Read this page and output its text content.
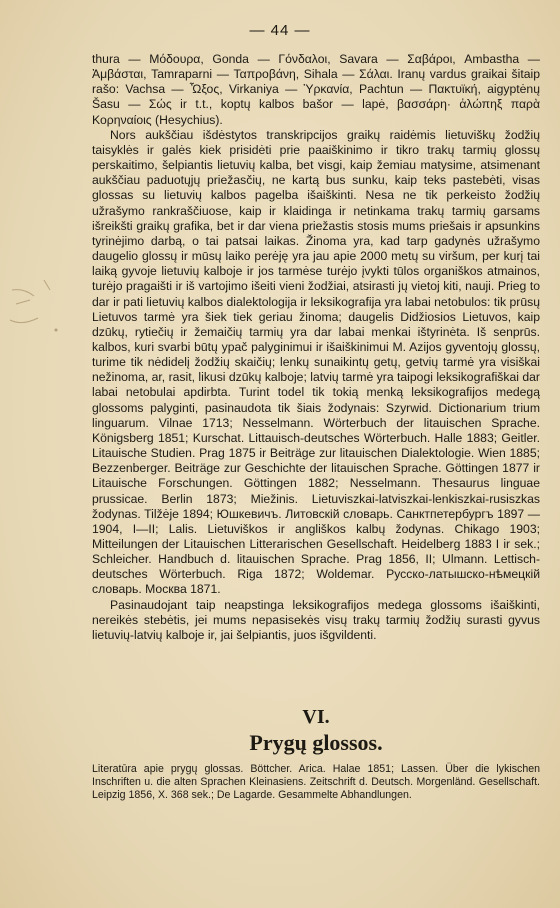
— 44 —

thura — Μόδουρα, Gonda — Γόνδαλοι, Savara — Σαβάροι, Ambastha — Ἀμβάσται, Tamraparni — Ταπροβάνη, Sihala — Σάλαι. Iranų vardus graikai šitaip rašo: Vachsa — Ὦξος, Virkaniya — Ὑρκανία, Pachtun — Πακτυϊκή, aigyptėnų Šasu — Σώς ir t.t., koptų kalbos bašor — lapė, βασσάρη· ἀλώπηξ παρὰ Κορηναίοις (Hesychius).

Nors aukščiau išdėstytos transkripcijos graikų raidėmis lietuviškų žodžių taisyklės ir galės kiek prisidėti prie paaiškinimo ir tikro trakų tarmių glossų perskaitimo, šelpiantis lietuvių kalba, bet visgi, kaip žemiau matysime, atsimenant aukščiau paduotųjų priežasčių, ne kartą bus sunku, kaip teks pastebėti, visas glossas su lietuvių kalbos pagelba išaiškinti. Nesa ne tik perkeisto žodžių užrašymo rankraščiuose, kaip ir klaidinga ir netinkama trakų tarmių garsams išreikšti graikų grafika, bet ir dar viena priežastis stosis mums priešais ir apsunkins tyrinėjimo darbą, o tai patsai laikas. Žinoma yra, kad tarp gadynės užrašymo daugelio glossų ir mūsų laiko perėję yra jau apie 2000 metų su viršum, per kurį tai laiką gyvoje lietuvių kalboje ir jos tarmėse turėjo įvykti tūlos organiškos atmainos, turėjo pragaišti ir iš vartojimo išeiti vieni žodžiai, atsirasti jų vietoj kiti, nauji. Prieg to dar ir pati lietuvių kalbos dialektologija ir leksikografija yra labai netobulos: tik prūsų Lietuvos tarmė yra šiek tiek geriau žinoma; daugelis Didžiosios Lietuvos, kaip dzūkų, rytiečių ir žemaičių tarmių yra dar labai menkai ištyrinėta. Iš senprūs. kalbos, kuri svarbi būtų ypač palyginimui ir išaiškinimui M. Azijos gyventojų glossų, turime tik nėdidelį žodžių skaičių; lenkų sunaikintų getų, getvių tarmė yra visiškai nežinoma, ar, rasit, likusi dzūkų kalboje; latvių tarmė yra taipogi leksikografiškai dar labai netobulai apdirbta. Turint todel tik tokią menką leksikografijos medegą glossoms palyginti, pasinaudota tik šiais žodynais: Szyrwid. Dictionarium trium linguarum. Vilnae 1713; Nesselmann. Wörterbuch der litauischen Sprache. Königsberg 1851; Kurschat. Littauisch-deutsches Wörterbuch. Halle 1883; Geitler. Litauische Studien. Prag 1875 ir Beiträge zur litauischen Dialektologie. Wien 1885; Bezzenberger. Beiträge zur Geschichte der litauischen Sprache. Göttingen 1877 ir Litauische Forschungen. Göttingen 1882; Nesselmann. Thesaurus linguae prussicae. Berlin 1873; Miežinis. Lietuviszkai-latviszkai-lenkiszkai-rusiszkas žodynas. Tilžėje 1894; Юшкевичъ. Литовскій словарь. Санктпетербургъ 1897 — 1904, I—II; Lalis. Lietuviškos ir angliškos kalbų žodynas. Chikago 1903; Mitteilungen der Litauischen Litterarischen Gesellschaft. Heidelberg 1883 I ir sek.; Schleicher. Handbuch d. litauischen Sprache. Prag 1856, II; Ulmann. Lettisch-deutsches Wörterbuch. Riga 1872; Woldemar. Русско-латышско-нѣмецкій словарь. Москва 1871.

Pasinaudojant taip neapstinga leksikografijos medega glossoms išaiškinti, nereikės stebėtis, jei mums nepasisekės visų trakų tarmių žodžių surasti gyvus lietuvių-latvių kalboje ir, jai šelpiantis, juos išgvildenti.

VI.
Prygų glossos.
Literatūra apie prygų glossas. Böttcher. Arica. Halae 1851; Lassen. Über die lykischen Inschriften u. die alten Sprachen Kleinasiens. Zeitschrift d. Deutsch. Morgenländ. Gesellschaft. Leipzig 1856, X. 368 sek.; De Lagarde. Gesammelte Abhandlungen.
